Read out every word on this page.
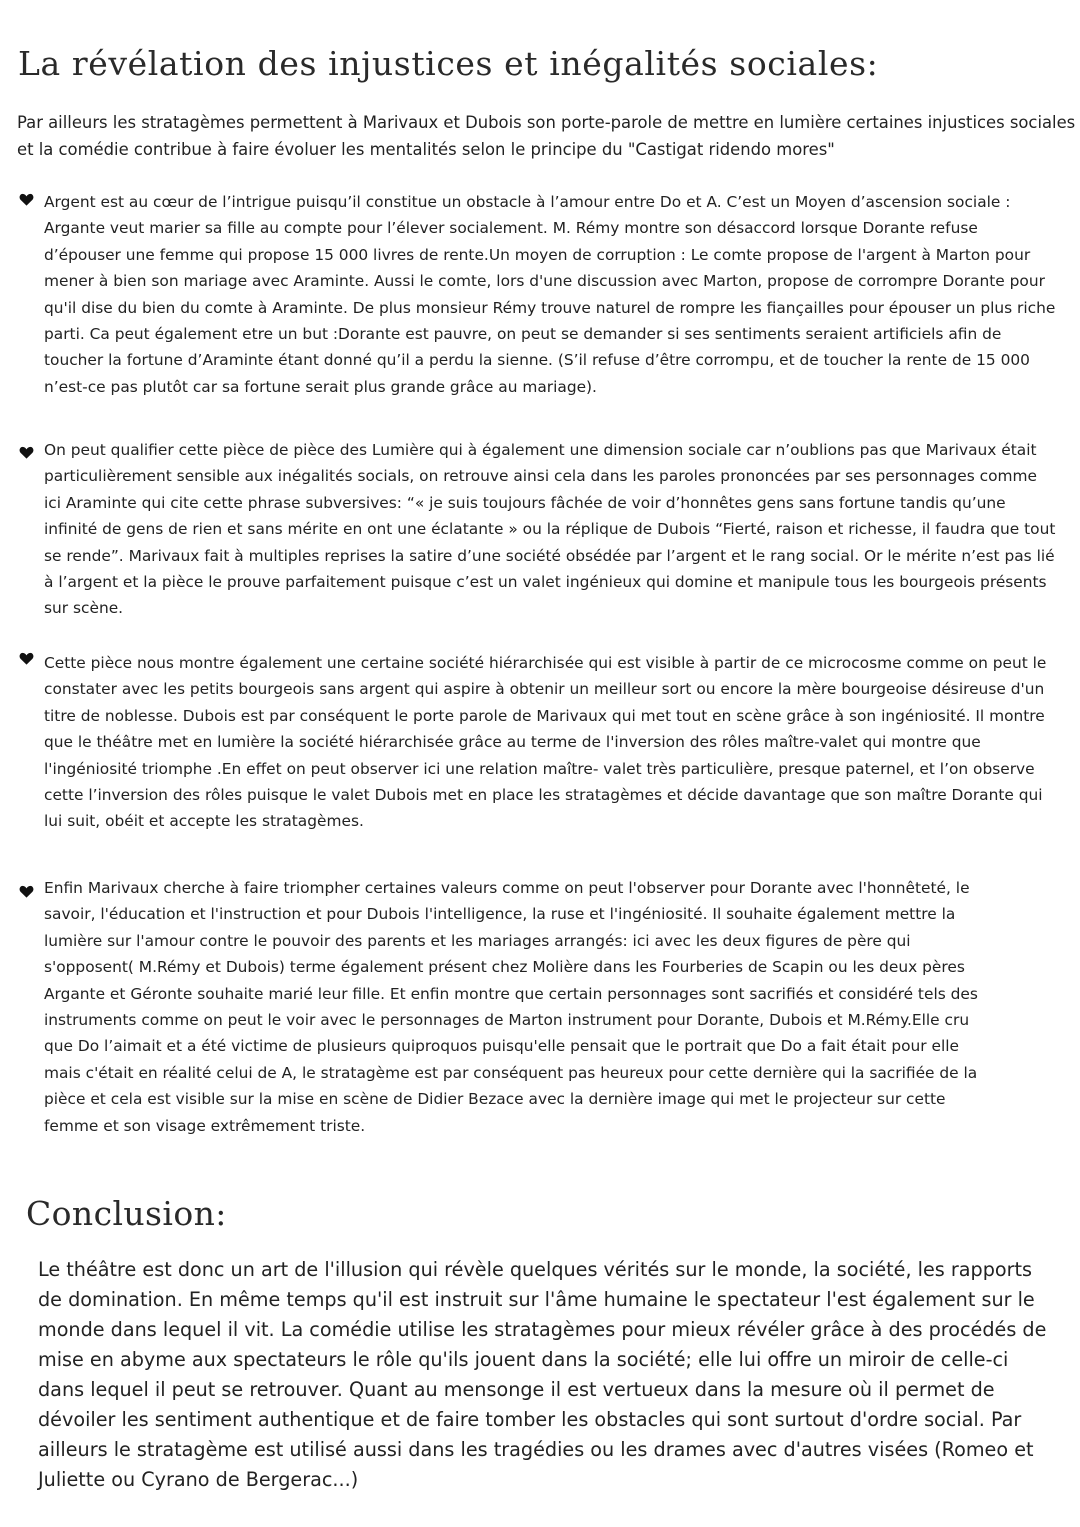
La révélation des injustices et inégalités sociales:

Par ailleurs les stratagèmes permettent à Marivaux et Dubois son porte-parole de mettre en lumière certaines injustices sociales et la comédie contribue à faire évoluer les mentalités selon le principe du "Castigat ridendo mores"

Argent est au cœur de l’intrigue puisqu’il constitue un obstacle à l’amour entre Do et A. C’est un Moyen d’ascension sociale : Argante veut marier sa fille au compte pour l’élever socialement. M. Rémy montre son désaccord lorsque Dorante refuse d’épouser une femme qui propose 15 000 livres de rente.Un moyen de corruption : Le comte propose de l'argent à Marton pour mener à bien son mariage avec Araminte. Aussi le comte, lors d'une discussion avec Marton, propose de corrompre Dorante pour qu'il dise du bien du comte à Araminte. De plus monsieur Rémy trouve naturel de rompre les fiançailles pour épouser un plus riche parti. Ca peut également etre un but :Dorante est pauvre, on peut se demander si ses sentiments seraient artificiels afin de toucher la fortune d’Araminte étant donné qu’il a perdu la sienne. (S’il refuse d’être corrompu, et de toucher la rente de 15 000 n’est-ce pas plutôt car sa fortune serait plus grande grâce au mariage).

On peut qualifier cette pièce de pièce des Lumière qui à également une dimension sociale car n’oublions pas que Marivaux était particulièrement sensible aux inégalités socials, on retrouve ainsi cela dans les paroles prononcées par ses personnages comme ici Araminte qui cite cette phrase subversives: “« je suis toujours fâchée de voir d’honnêtes gens sans fortune tandis qu’une infinité de gens de rien et sans mérite en ont une éclatante » ou la réplique de Dubois “Fierté, raison et richesse, il faudra que tout se rende”. Marivaux fait à multiples reprises la satire d’une société obsédée par l’argent et le rang social. Or le mérite n’est pas lié à l’argent et la pièce le prouve parfaitement puisque c’est un valet ingénieux qui domine et manipule tous les bourgeois présents sur scène.

Cette pièce nous montre également une certaine société hiérarchisée qui est visible à partir de ce microcosme comme on peut le constater avec les petits bourgeois sans argent qui aspire à obtenir un meilleur sort ou encore la mère bourgeoise désireuse d'un titre de noblesse. Dubois est par conséquent le porte parole de Marivaux qui met tout en scène grâce à son ingéniosité. Il montre que le théâtre met en lumière la société hiérarchisée grâce au terme de l'inversion des rôles maître-valet qui montre que l'ingéniosité triomphe .En effet on peut observer ici une relation maître- valet très particulière, presque paternel, et l’on observe cette l’inversion des rôles puisque le valet Dubois met en place les stratagèmes et décide davantage que son maître Dorante qui lui suit, obéit et accepte les stratagèmes.

Enfin Marivaux cherche à faire triompher certaines valeurs comme on peut l'observer pour Dorante avec l'honnêteté, le savoir, l'éducation et l'instruction et pour Dubois l'intelligence, la ruse et l'ingéniosité. Il souhaite également mettre la lumière sur l'amour contre le pouvoir des parents et les mariages arrangés: ici avec les deux figures de père qui s'opposent( M.Rémy et Dubois) terme également présent chez Molière dans les Fourberies de Scapin ou les deux pères Argante et Géronte souhaite marié leur fille. Et enfin montre que certain personnages sont sacrifiés et considéré tels des instruments comme on peut le voir avec le personnages de Marton instrument pour Dorante, Dubois et M.Rémy.Elle cru que Do l’aimait et a été victime de plusieurs quiproquos puisqu'elle pensait que le portrait que Do a fait était pour elle mais c'était en réalité celui de A, le stratagème est par conséquent pas heureux pour cette dernière qui la sacrifiée de la pièce et cela est visible sur la mise en scène de Didier Bezace avec la dernière image qui met le projecteur sur cette femme et son visage extrêmement triste.

Conclusion:

Le théâtre est donc un art de l'illusion qui révèle quelques vérités sur le monde, la société, les rapports de domination. En même temps qu'il est instruit sur l'âme humaine le spectateur l'est également sur le monde dans lequel il vit. La comédie utilise les stratagèmes pour mieux révéler grâce à des procédés de mise en abyme aux spectateurs le rôle qu'ils jouent dans la société; elle lui offre un miroir de celle-ci dans lequel il peut se retrouver. Quant au mensonge il est vertueux dans la mesure où il permet de dévoiler les sentiment authentique et de faire tomber les obstacles qui sont surtout d'ordre social. Par ailleurs le stratagème est utilisé aussi dans les tragédies ou les drames avec d'autres visées (Romeo et Juliette ou Cyrano de Bergerac...)
